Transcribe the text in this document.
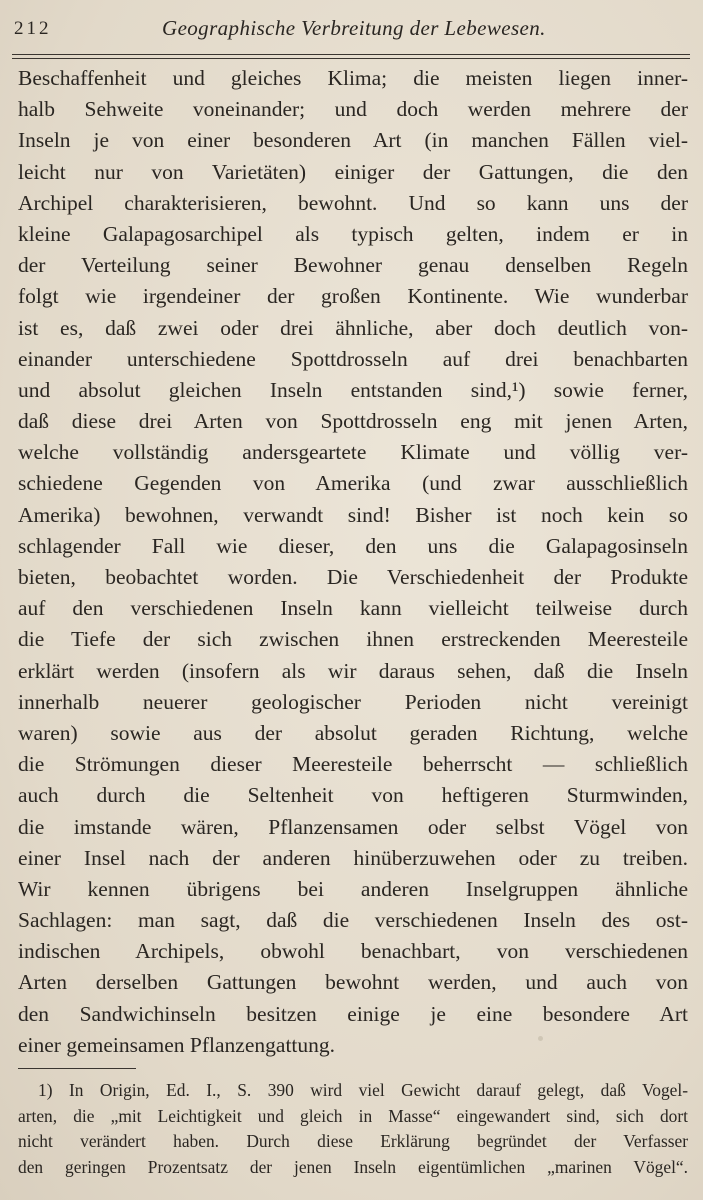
212	Geographische Verbreitung der Lebewesen.
Beschaffenheit und gleiches Klima; die meisten liegen inner-
halb Sehweite voneinander; und doch werden mehrere der
Inseln je von einer besonderen Art (in manchen Fällen viel-
leicht nur von Varietäten) einiger der Gattungen, die den
Archipel charakterisieren, bewohnt. Und so kann uns der
kleine Galapagosarchipel als typisch gelten, indem er in
der Verteilung seiner Bewohner genau denselben Regeln
folgt wie irgendeiner der großen Kontinente. Wie wunderbar
ist es, daß zwei oder drei ähnliche, aber doch deutlich von-
einander unterschiedene Spottdrosseln auf drei benachbarten
und absolut gleichen Inseln entstanden sind,¹) sowie ferner,
daß diese drei Arten von Spottdrosseln eng mit jenen Arten,
welche vollständig andersgeartete Klimate und völlig ver-
schiedene Gegenden von Amerika (und zwar ausschließlich
Amerika) bewohnen, verwandt sind! Bisher ist noch kein so
schlagender Fall wie dieser, den uns die Galapagosinseln
bieten, beobachtet worden. Die Verschiedenheit der Produkte
auf den verschiedenen Inseln kann vielleicht teilweise durch
die Tiefe der sich zwischen ihnen erstreckenden Meeresteile
erklärt werden (insofern als wir daraus sehen, daß die Inseln
innerhalb neuerer geologischer Perioden nicht vereinigt
waren) sowie aus der absolut geraden Richtung, welche
die Strömungen dieser Meeresteile beherrscht — schließlich
auch durch die Seltenheit von heftigeren Sturmwinden,
die imstande wären, Pflanzensamen oder selbst Vögel von
einer Insel nach der anderen hinüberzuwehen oder zu treiben.
Wir kennen übrigens bei anderen Inselgruppen ähnliche
Sachlagen: man sagt, daß die verschiedenen Inseln des ost-
indischen Archipels, obwohl benachbart, von verschiedenen
Arten derselben Gattungen bewohnt werden, und auch von
den Sandwichinseln besitzen einige je eine besondere Art
einer gemeinsamen Pflanzengattung.
1) In Origin, Ed. I., S. 390 wird viel Gewicht darauf gelegt, daß Vogel-
arten, die „mit Leichtigkeit und gleich in Masse“ eingewandert sind, sich dort
nicht verändert haben. Durch diese Erklärung begründet der Verfasser
den geringen Prozentsatz der jenen Inseln eigentümlichen „marinen Vögel“.
